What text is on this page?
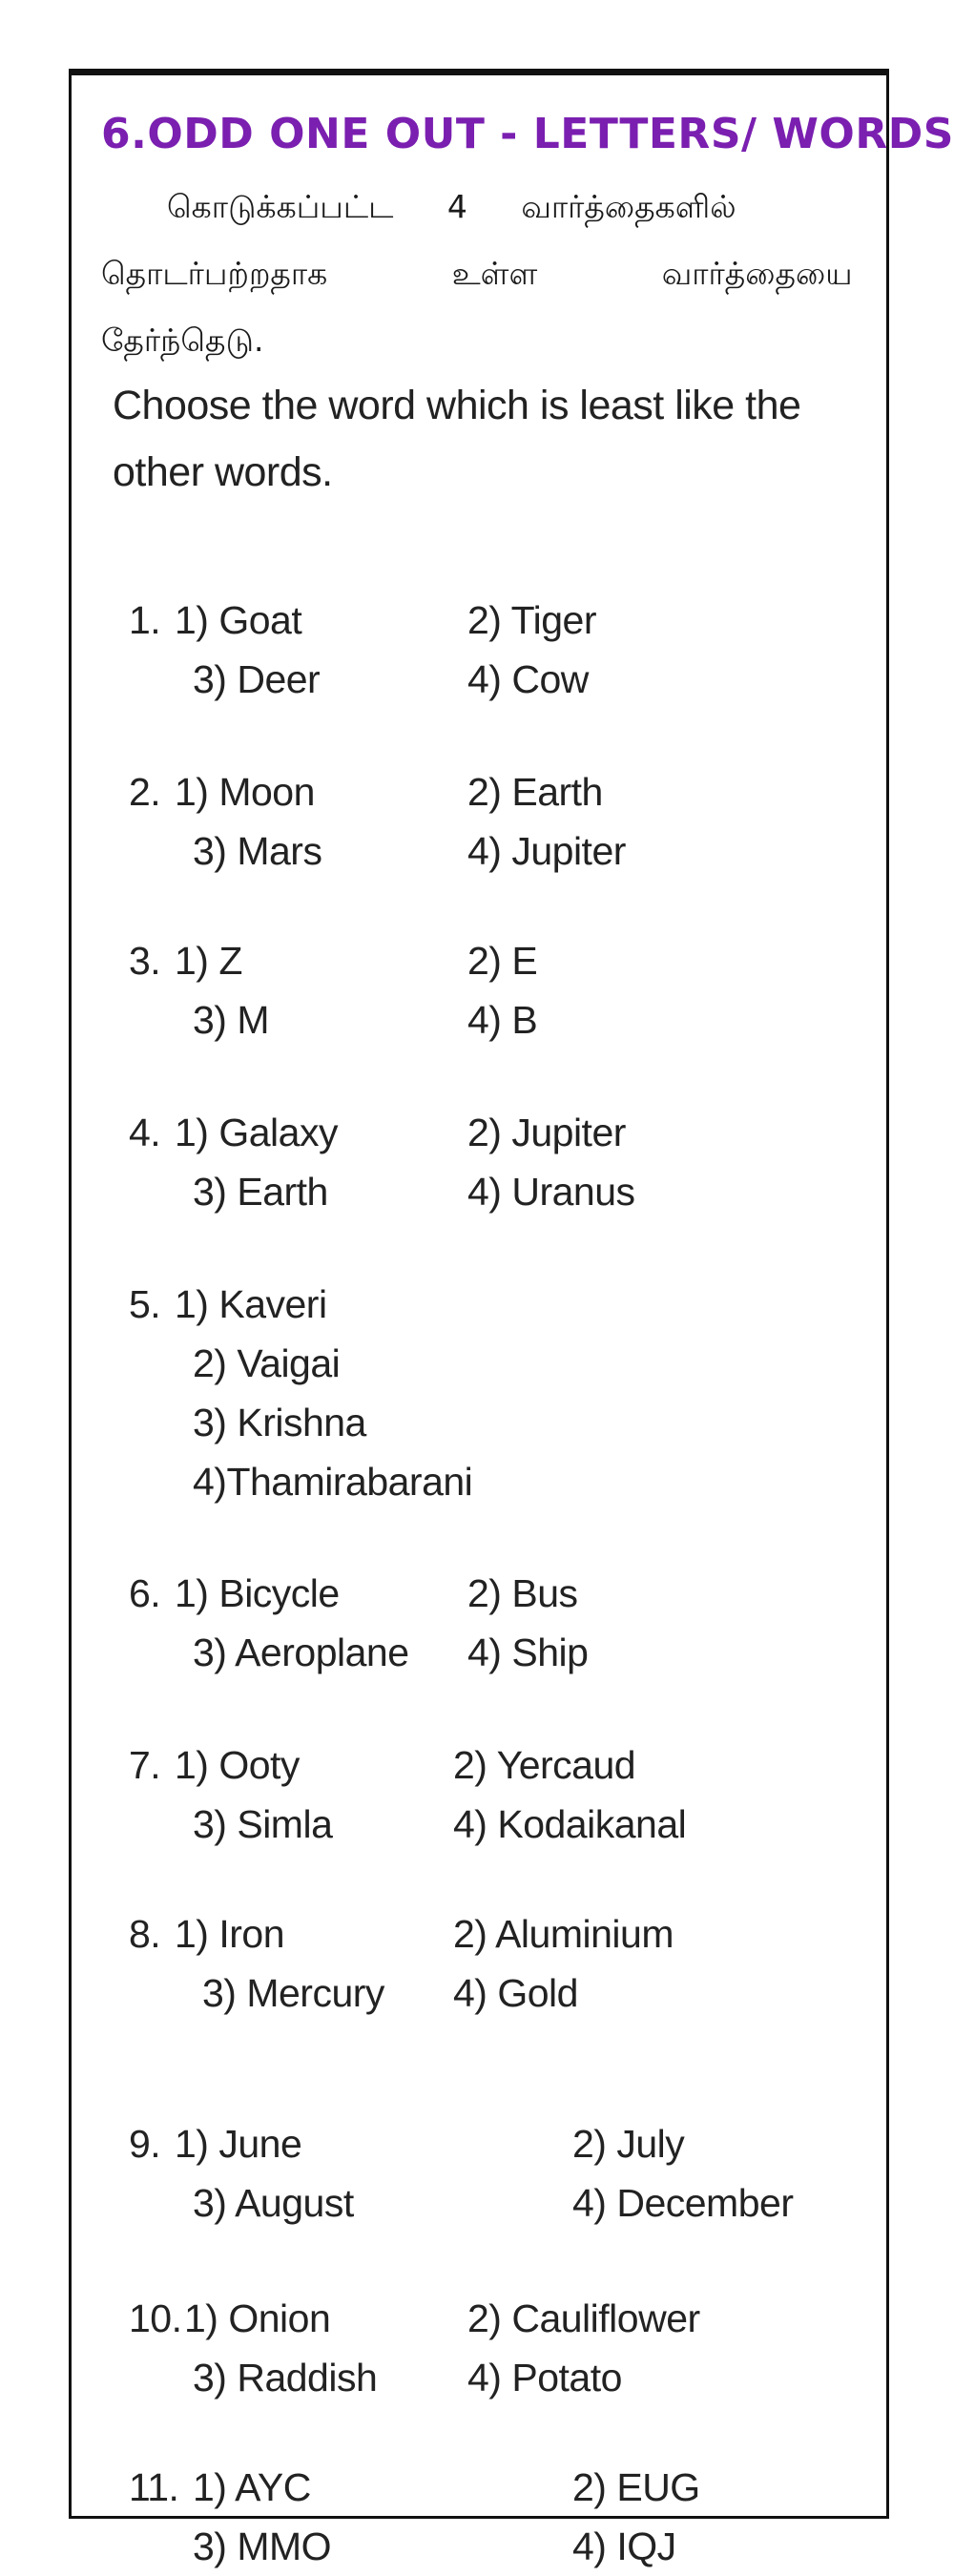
6.ODD ONE OUT - LETTERS/ WORDS
கொடுக்கப்பட்ட 4 வார்த்தைகளில்
தொடர்பற்றதாக உள்ள வார்த்தையை
தேர்ந்தெடு.
Choose the word which is least like the
other words.
1. 1) Goat	2) Tiger
3) Deer	4) Cow
2. 1) Moon	2) Earth
3) Mars	4) Jupiter
3. 1) Z	2) E
3) M	4) B
4. 1) Galaxy	2) Jupiter
3) Earth	4) Uranus
5. 1) Kaveri
2) Vaigai
3) Krishna
4)Thamirabarani
6. 1) Bicycle	2) Bus
3) Aeroplane 4) Ship
7. 1) Ooty	2) Yercaud
3) Simla	4) Kodaikanal
8. 1) Iron	2) Aluminium
3) Mercury 4) Gold
9. 1) June	2) July
3) August	4) December
10. 1) Onion	2) Cauliflower
3) Raddish 4) Potato
11. 1) AYC	2) EUG
3) MMO	4) IQJ
